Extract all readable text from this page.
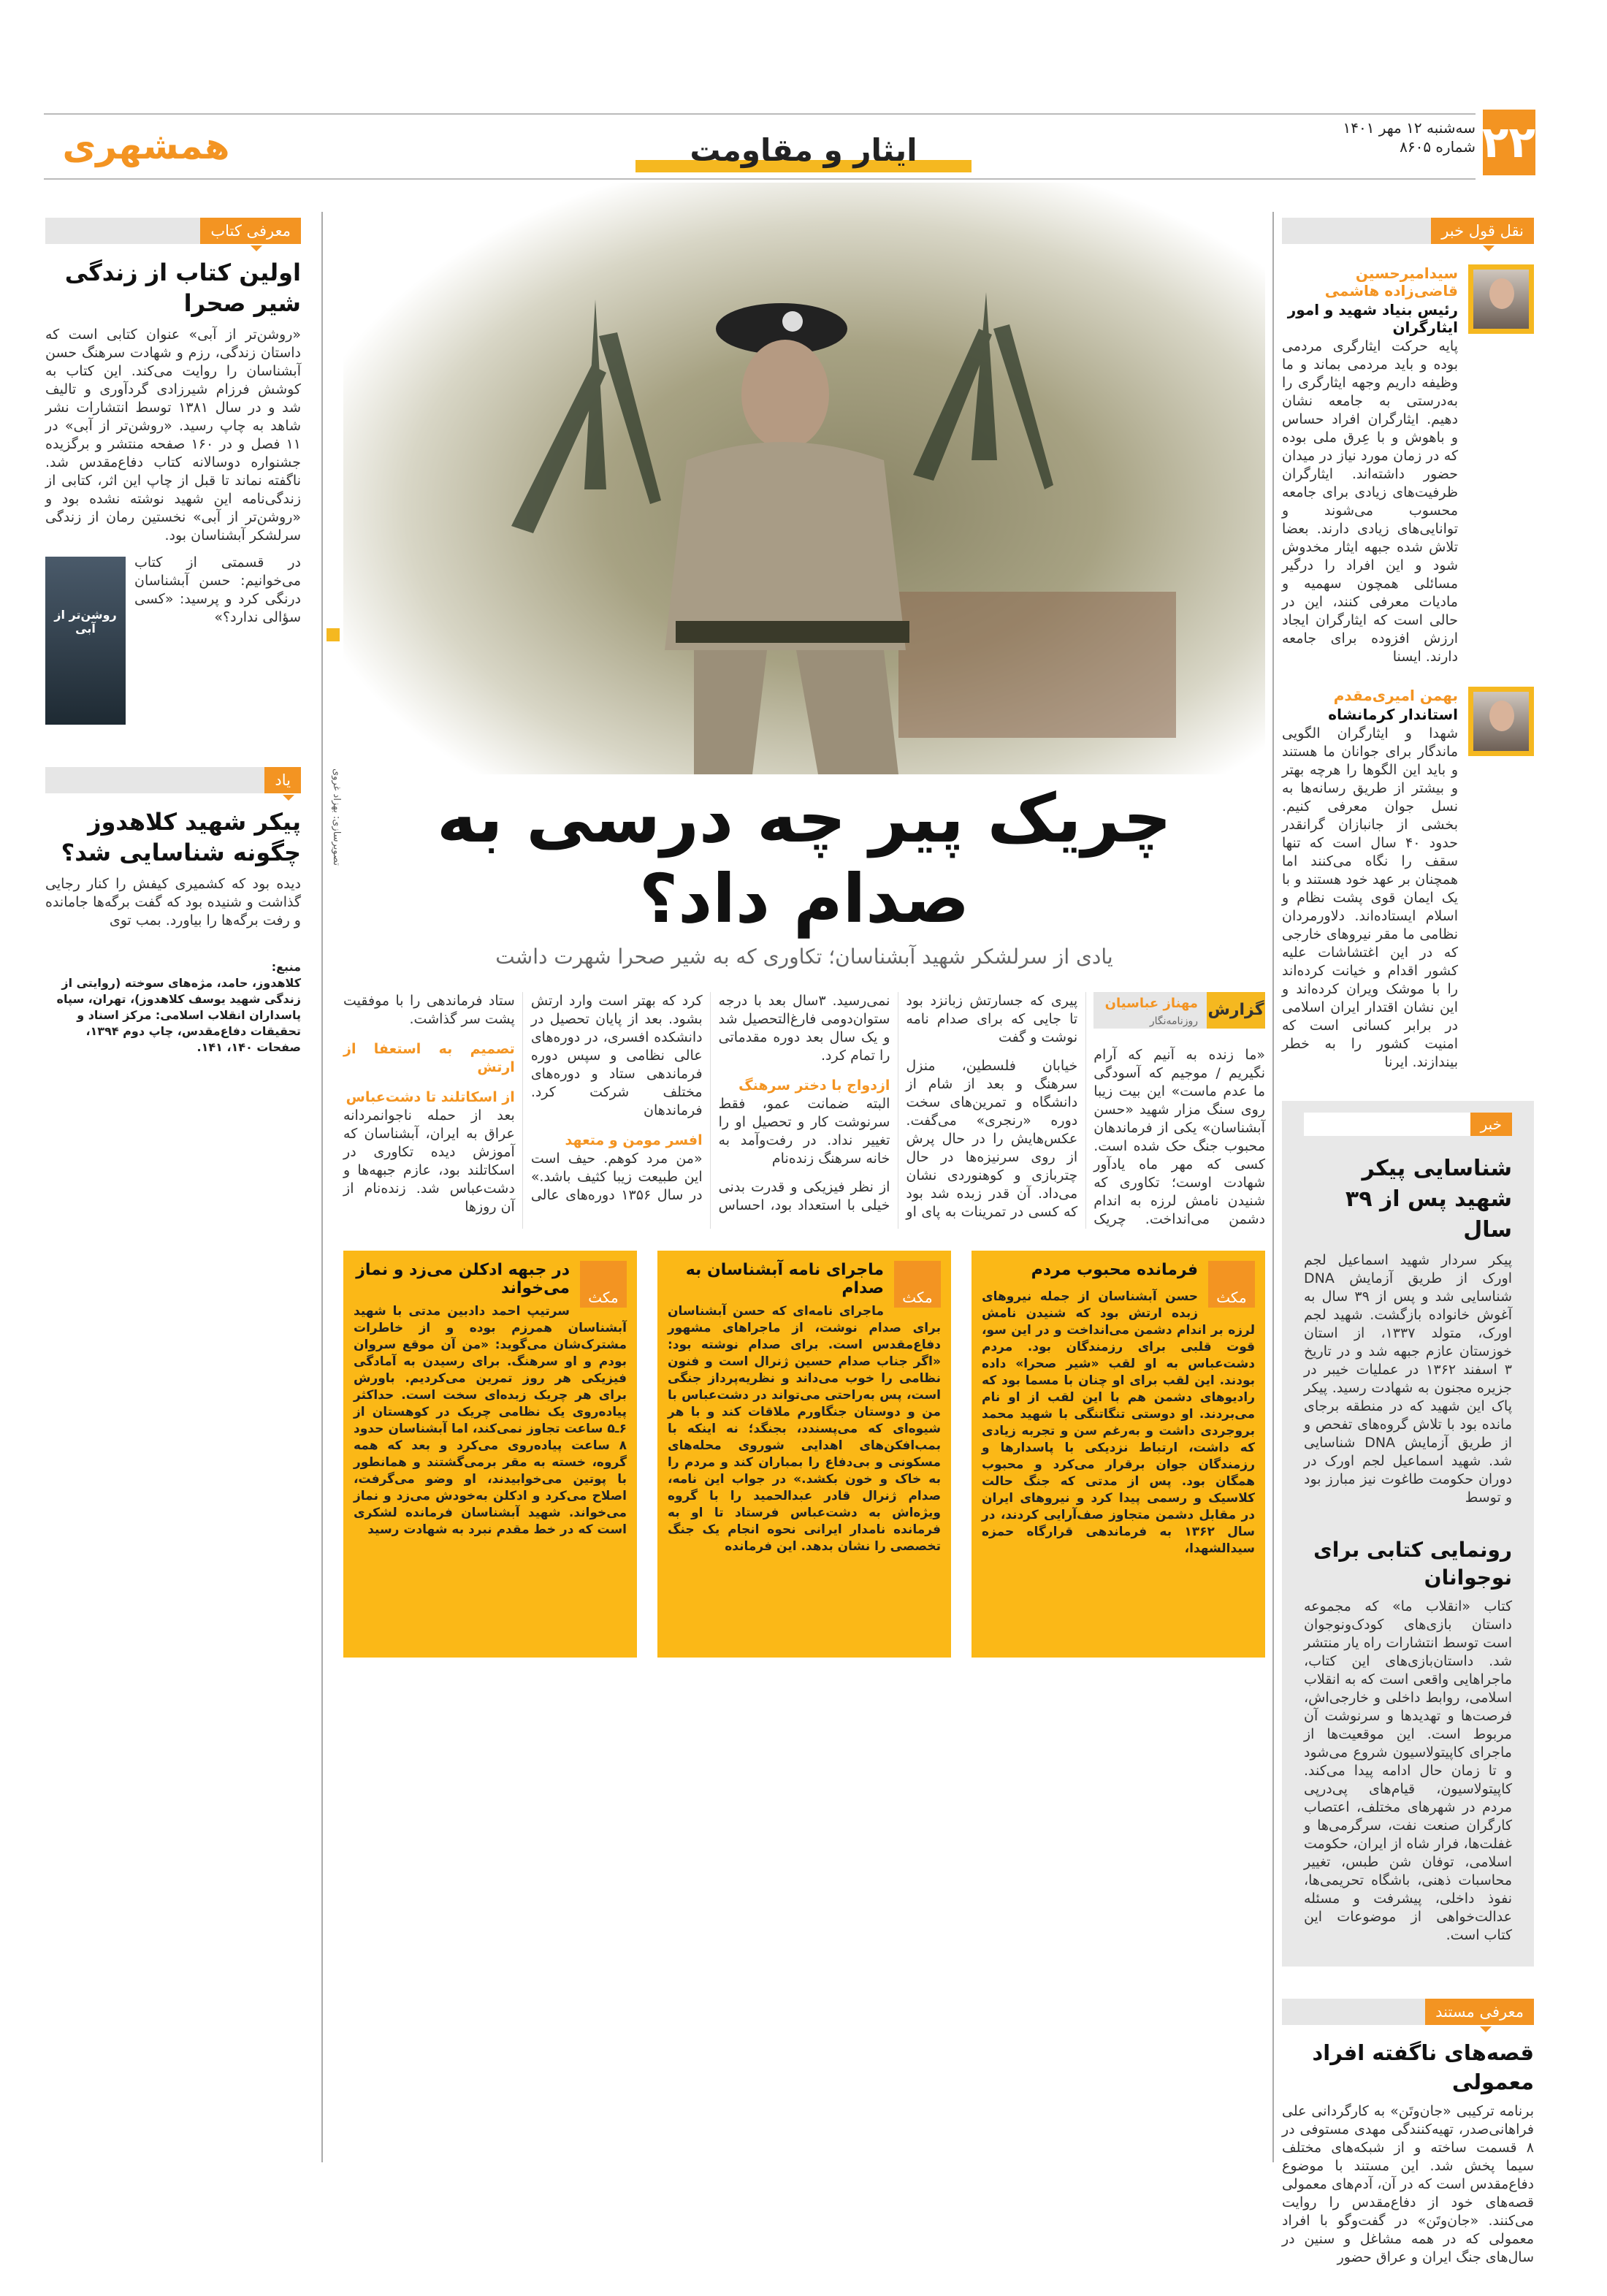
۲۲
سه‌شنبه ۱۲ مهر ۱۴۰۱
شماره ۸۶۰۵
همشهری	ایثار و مقاومت
تصویرسازی: بهزاد غروی	چریک پیر چه درسی به صدام داد؟
یادی از سرلشکر شهید آبشناسان؛ تکاوری که به شیر صحرا شهرت داشت
گزارش
مهناز عباسیان
روزنامه‌نگار

«ما زنده به آنیم که آرام نگیریم / موجیم که آسودگی ما عدم ماست» این بیت زیبا روی سنگ مزار شهید «حسن آبشناسان» یکی از فرماندهان محبوب جنگ حک شده است. کسی که مهر ماه یادآور شهادت اوست؛ تکاوری که شنیدن نامش لرزه به اندام دشمن می‌انداخت. چریک پیری که جسارتش زبانزد بود تا جایی که برای صدام نامه نوشت و گفت

خیابان فلسطین، منزل سرهنگ و بعد از شام از دانشگاه و تمرین‌های سخت دوره «رنجری» می‌گفت. عکس‌هایش را در حال پرش از روی سرنیزه‌ها در حال چتربازی و کوهنوردی نشان می‌داد. آن قدر زبده شد بود که کسی در تمرینات به پای او نمی‌رسید. ۳سال بعد با درجه ستوان‌دومی فارغ‌التحصیل شد و یک سال بعد دوره مقدماتی را تمام کرد.

ازدواج با دختر سرهنگ

البته ضمانت عمو، فقط سرنوشت کار و تحصیل او را تغییر نداد. در رفت‌وآمد به خانه سرهنگ زنده‌نام

از نظر فیزیکی و قدرت بدنی خیلی با استعداد بود، احساس کرد که بهتر است وارد ارتش بشود. بعد از پایان تحصیل در دانشکده افسری، در دوره‌های عالی نظامی و سپس دوره فرماندهی ستاد و دوره‌های مختلف شرکت کرد. فرماندهان

افسر مومن و متعهد

«من مرد کوهم. حیف است این طبیعت زیبا کثیف باشد.» در سال ۱۳۵۶ دوره‌های عالی ستاد فرماندهی را با موفقیت پشت سر گذاشت.

تصمیم به استعفا از ارتش
از اسکاتلند تا دشت‌عباس

بعد از حمله ناجوانمردانه عراق به ایران، آبشناسان که آموزش دیده تکاوری در اسکاتلند بود، عازم جبهه‌ها و دشت‌عباس شد. زنده‌نام از آن روزها

مکث
فرمانده محبوب مردم
حسن آبشناسان از جمله نیروهای زبده ارتش بود که شنیدن نامش لرزه بر اندام دشمن می‌انداخت و در این سو، قوت قلبی برای رزمندگان بود. مردم دشت‌عباس به او لقب «شیر صحرا» داده بودند. این لقب برای او چنان با مسما بود که رادیوهای دشمن هم با این لقب از او نام می‌بردند. او دوستی تنگاتنگی با شهید محمد بروجردی داشت و به‌رغم سن و تجربه زیادی که داشت، ارتباط نزدیکی با پاسدارها و رزمندگان جوان برقرار می‌کرد و محبوب همگان بود. پس از مدتی که جنگ حالت کلاسیک و رسمی پیدا کرد و نیروهای ایران در مقابل دشمن متجاوز صف‌آرایی کردند، در سال ۱۳۶۲ به فرماندهی قرارگاه حمزه سیدالشهدا،
مکث
ماجرای نامه آبشناسان به صدام
ماجرای نامه‌ای که حسن آبشناسان برای صدام نوشت، از ماجراهای مشهور دفاع‌مقدس است. برای صدام نوشته بود: «اگر جناب صدام حسین ژنرال است و فنون نظامی را خوب می‌داند و نظریه‌پرداز جنگی است، پس به‌راحتی می‌تواند در دشت‌عباس با من و دوستان جنگاورم ملاقات کند و با هر شیوه‌ای که می‌پسندد، بجنگد؛ نه اینکه با بمب‌افکن‌های اهدایی شوروی محله‌های مسکونی و بی‌دفاع را بمباران کند و مردم را به خاک و خون بکشد.» در جواب این نامه، صدام ژنرال قادر عبدالحمید را با گروه ویژه‌اش به دشت‌عباس فرستاد تا او به فرمانده نامدار ایرانی نحوه انجام یک جنگ تخصصی را نشان بدهد. این فرمانده
مکث
در جبهه ادکلن می‌زد و نماز می‌خواند
سرتیپ احمد دادبین مدتی با شهید آبشناسان همرزم بوده و از خاطرات مشترک‌شان می‌گوید: «من آن موقع سروان بودم و او سرهنگ. برای رسیدن به آمادگی فیزیکی هر روز تمرین می‌کردیم. باورش برای هر چریک زبده‌ای سخت است. حداکثر پیاده‌روی یک نظامی چریک در کوهستان از ۶ـ۵ ساعت تجاوز نمی‌کند، اما آبشناسان حدود ۸ ساعت پیاده‌روی می‌کرد و بعد که همه گروه، خسته به مقر برمی‌گشتند و همانطور با پوتین می‌خوابیدند، او وضو می‌گرفت، اصلاح می‌کرد و ادکلن به‌خودش می‌زد و نماز می‌خواند. شهید آبشناسان فرمانده لشکری است که در خط مقدم نبرد به شهادت رسید
معرفی کتاب
اولین کتاب از زندگی شیر صحرا
«روشن‌تر از آبی» عنوان کتابی است که داستان زندگی، رزم و شهادت سرهنگ حسن آبشناسان را روایت می‌کند. این کتاب به کوشش فرزام شیرزادی گردآوری و تالیف شد و در سال ۱۳۸۱ توسط انتشارات نشر شاهد به چاپ رسید. «روشن‌تر از آبی» در ۱۱ فصل و در ۱۶۰ صفحه منتشر و برگزیده جشنواره دوسالانه کتاب دفاع‌مقدس شد. ناگفته نماند تا قبل از چاپ این اثر، کتابی از زندگی‌نامه این شهید نوشته نشده بود و «روشن‌تر از آبی» نخستین رمان از زندگی سرلشکر آبشناسان بود.
روشن‌تر از آبی
در قسمتی از کتاب می‌خوانیم: حسن آبشناسان درنگی کرد و پرسید: «کسی سؤالی ندارد؟»
یاد
پیکر شهید کلاهدوز چگونه شناسایی شد؟
دیده بود که کشمیری کیفش را کنار رجایی گذاشت و شنیده بود که گفت برگه‌ها جامانده و رفت برگه‌ها را بیاورد. بمب توی
منبع:
کلاهدوز، حامد، مژه‌های سوخته (روایتی از زندگی شهید یوسف کلاهدوز)، تهران، سپاه پاسداران انقلاب اسلامی: مرکز اسناد و تحقیقات دفاع‌مقدس، چاپ دوم ۱۳۹۴، صفحات ۱۴۰، ۱۴۱.
نقل قول خبر
سیدامیرحسین قاضی‌زاده هاشمی
رئیس بنیاد شهید و امور ایثارگران
پایه حرکت ایثارگری مردمی بوده و باید مردمی بماند و ما وظیفه داریم وجهه ایثارگری را به‌درستی به جامعه نشان دهیم. ایثارگران افراد حساس و باهوش و با عِرق ملی بوده که در زمان مورد نیاز در میدان حضور داشته‌اند. ایثارگران ظرفیت‌های زیادی برای جامعه محسوب می‌شوند و توانایی‌های زیادی دارند. بعضا تلاش شده جبهه ایثار مخدوش شود و این افراد را درگیر مسائلی همچون سهمیه و مادیات معرفی کنند، این در حالی است که ایثارگران ایجاد ارزش افزوده برای جامعه دارند. ایسنا
بهمن امیری‌مقدم
استاندار کرمانشاه
شهدا و ایثارگران الگویی ماندگار برای جوانان ما هستند و باید این الگوها را هرچه بهتر و بیشتر از طریق رسانه‌ها به نسل جوان معرفی کنیم. بخشی از جانبازان گرانقدر حدود ۴۰ سال است که تنها سقف را نگاه می‌کنند اما همچنان بر عهد خود هستند و با یک ایمان قوی پشت نظام و اسلام ایستاده‌اند. دلاورمردان نظامی ما مقر نیروهای خارجی که در این اغتشاشات علیه کشور اقدام و خیانت کرده‌اند را با موشک ویران کرده‌اند و این نشان اقتدار ایران اسلامی در برابر کسانی است که امنیت کشور را به خطر بیندازند. ایرنا
خبر
شناسایی پیکر شهید پس از ۳۹ سال
پیکر سردار شهید اسماعیل لجم اورک از طریق آزمایش DNA شناسایی شد و پس از ۳۹ سال به آغوش خانواده بازگشت. شهید لجم اورک، متولد ۱۳۳۷، از استان خوزستان عازم جبهه شد و در تاریخ ۳ اسفند ۱۳۶۲ در عملیات خیبر در جزیره مجنون به شهادت رسید. پیکر پاک این شهید که در منطقه برجای مانده بود با تلاش گروه‌های تفحص و از طریق آزمایش DNA شناسایی شد. شهید اسماعیل لجم اورک در دوران حکومت طاغوت نیز مبارز بود و توسط
رونمایی کتابی برای نوجوانان
کتاب «انقلاب ما» که مجموعه داستان بازی‌های کودک‌ونوجوان است توسط انتشارات راه یار منتشر شد. داستان‌بازی‌های این کتاب، ماجراهایی واقعی است که به انقلاب اسلامی، روابط داخلی و خارجی‌اش، فرصت‌ها و تهدیدها و سرنوشت آن مربوط است. این موقعیت‌ها از ماجرای کاپیتولاسیون شروع می‌شود و تا زمان حال ادامه پیدا می‌کند. کاپیتولاسیون، قیام‌های پی‌درپی مردم در شهرهای مختلف، اعتصاب کارگران صنعت نفت، سرگرمی‌ها و غفلت‌ها، فرار شاه از ایران، حکومت اسلامی، توفان شن طبس، تغییر محاسبات ذهنی، باشگاه تحریمی‌ها، نفوذ داخلی، پیشرفت و مسئله عدالت‌خواهی از موضوعات این کتاب است.
معرفی مستند
قصه‌های ناگفته افراد معمولی
برنامه ترکیبی «جان‌وتَن» به کارگردانی علی فراهانی‌صدر، تهیه‌کنندگی مهدی مستوفی در ۸ قسمت ساخته و از شبکه‌های مختلف سیما پخش شد. این مستند با موضوع دفاع‌مقدس است که در آن، آدم‌های معمولی قصه‌های خود از دفاع‌مقدس را روایت می‌کنند. «جان‌وتَن» در گفت‌وگو با افراد معمولی که در همه مشاغل و سنین در سال‌های جنگ ایران و عراق حضور
